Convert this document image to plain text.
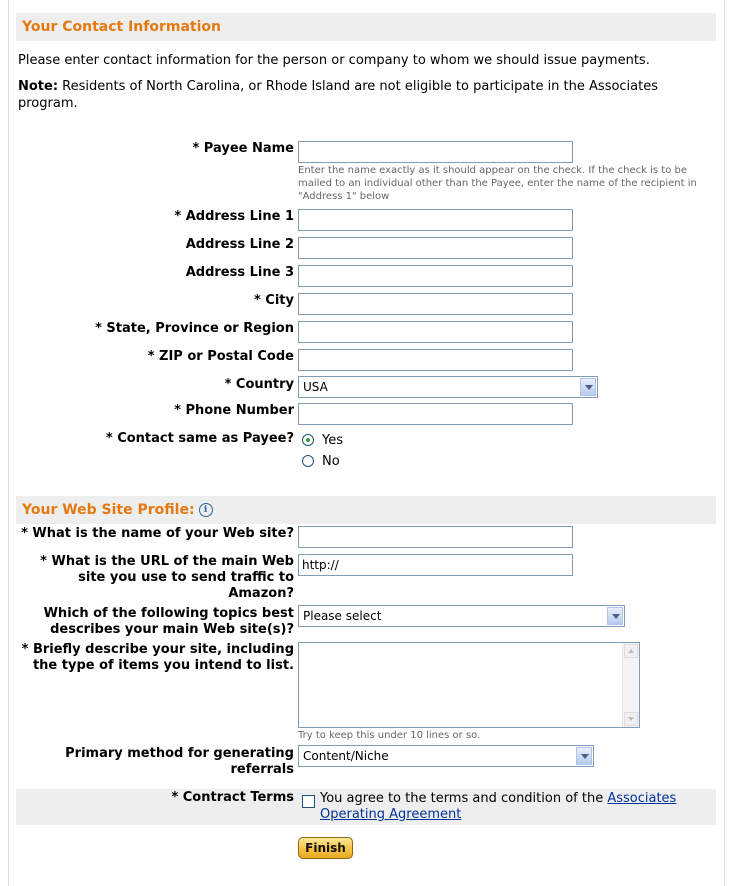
Your Contact Information
Please enter contact information for the person or company to whom we should issue payments.
Note: Residents of North Carolina, or Rhode Island are not eligible to participate in the Associates program.
* Payee Name
Enter the name exactly as it should appear on the check. If the check is to be mailed to an individual other than the Payee, enter the name of the recipient in "Address 1" below
* Address Line 1
Address Line 2
Address Line 3
* City
* State, Province or Region
* ZIP or Postal Code
* Country USA
* Phone Number
* Contact same as Payee? Yes
No
Your Web Site Profile: i
* What is the name of your Web site?
* What is the URL of the main Web
site you use to send traffic to
Amazon?
http://
Which of the following topics best
describes your main Web site(s)?
Please select
* Briefly describe your site, including
the type of items you intend to list.
Try to keep this under 10 lines or so.
Primary method for generating
referrals
Content/Niche
* Contract Terms You agree to the terms and condition of the Associates Operating Agreement
Finish
